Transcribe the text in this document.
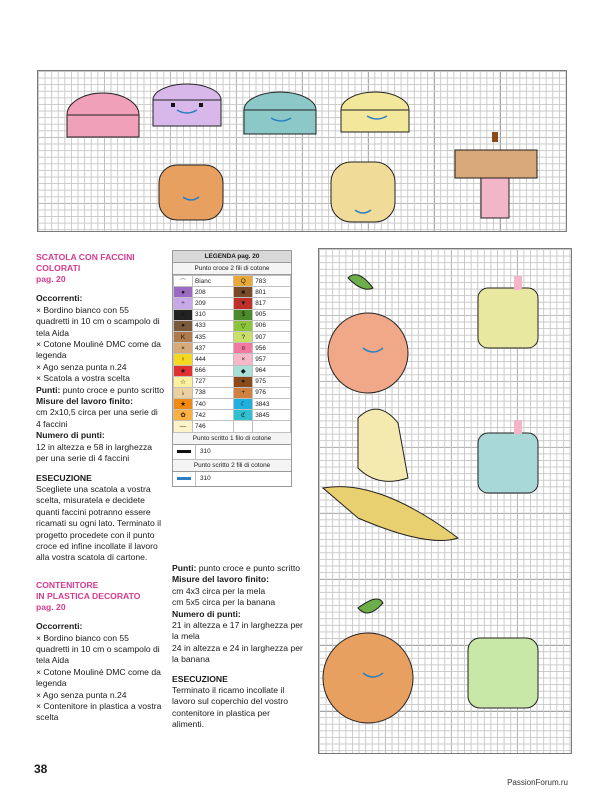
SCATOLA CON FACCINI
COLORATI
pag. 20
Occorrenti:
× Bordino bianco con 55 quadretti in 10 cm o scampolo di tela Aida
× Cotone Mouliné DMC come da legenda
× Ago senza punta n.24
× Scatola a vostra scelta
Punti: punto croce e punto scritto
Misure del lavoro finito:
cm 2x10,5 circa per una serie di 4 faccini
Numero di punti:
12 in altezza e 58 in larghezza per una serie di 4 faccini
ESECUZIONE
Scegliete una scatola a vostra scelta, misuratela e decidete quanti faccini potranno essere ricamati su ogni lato. Terminato il progetto procedete con il punto croce ed infine incollate il lavoro alla vostra scatola di cartone.
CONTENITORE
IN PLASTICA DECORATO
pag. 20
Occorrenti:
× Bordino bianco con 55 quadretti in 10 cm o scampolo di tela Aida
× Cotone Mouliné DMC come da legenda
× Ago senza punta n.24
× Contenitore in plastica a vostra scelta
LEGENDA pag. 20
Punto croce 2 fili di cotone
⌒	Bianc	Q	783
●	208	■	801
÷	209	▼	817
■	310	$	905
●	433	▽	906
K	435	?	907
×	437	¤	956
♀	444	×	957
★	666	◆	964
☆	727	●	975
♭	738	+	976
★	740	☾	3843
✿	742	ℭ	3845
—	746		
Punto scritto 1 filo di cotone
310
Punto scritto 2 fili di cotone
310
Punti: punto croce e punto scritto
Misure del lavoro finito:
cm 4x3 circa per la mela
cm 5x5 circa per la banana
Numero di punti:
21 in altezza e 17 in larghezza per la mela
24 in altezza e 24 in larghezza per la banana
ESECUZIONE
Terminato il ricamo incollate il lavoro sul coperchio del vostro contenitore in plastica per alimenti.
38
PassionForum.ru
